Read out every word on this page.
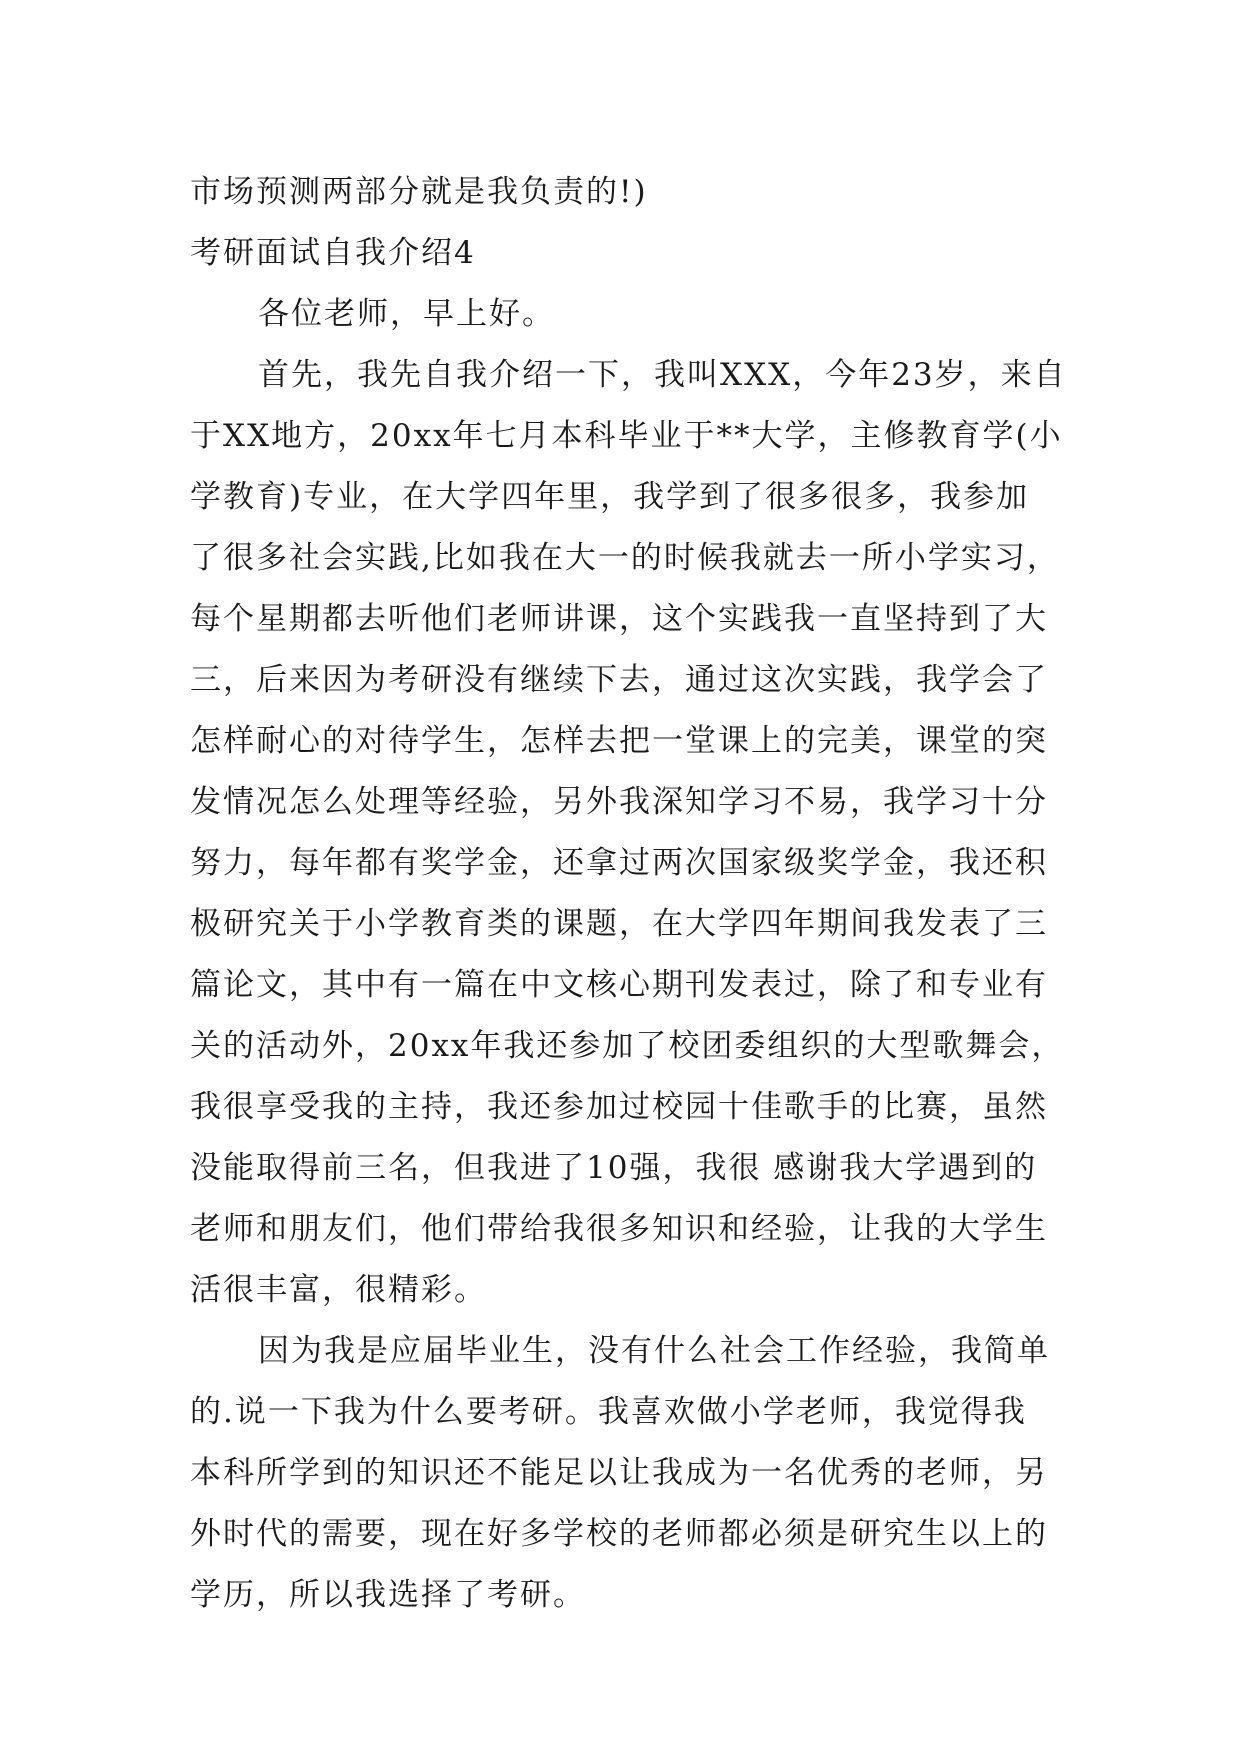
市场预测两部分就是我负责的!)
考研面试自我介绍4
各位老师，早上好。
首先，我先自我介绍一下，我叫XXX，今年23岁，来自
于XX地方，20xx年七月本科毕业于**大学，主修教育学(小
学教育)专业，在大学四年里，我学到了很多很多，我参加
了很多社会实践,比如我在大一的时候我就去一所小学实习，
每个星期都去听他们老师讲课，这个实践我一直坚持到了大
三，后来因为考研没有继续下去，通过这次实践，我学会了
怎样耐心的对待学生，怎样去把一堂课上的完美，课堂的突
发情况怎么处理等经验，另外我深知学习不易，我学习十分
努力，每年都有奖学金，还拿过两次国家级奖学金，我还积
极研究关于小学教育类的课题，在大学四年期间我发表了三
篇论文，其中有一篇在中文核心期刊发表过，除了和专业有
关的活动外，20xx年我还参加了校团委组织的大型歌舞会，
我很享受我的主持，我还参加过校园十佳歌手的比赛，虽然
没能取得前三名，但我进了10强，我很 感谢我大学遇到的
老师和朋友们，他们带给我很多知识和经验，让我的大学生
活很丰富，很精彩。
因为我是应届毕业生，没有什么社会工作经验，我简单
的.说一下我为什么要考研。我喜欢做小学老师，我觉得我
本科所学到的知识还不能足以让我成为一名优秀的老师，另
外时代的需要，现在好多学校的老师都必须是研究生以上的
学历，所以我选择了考研。
